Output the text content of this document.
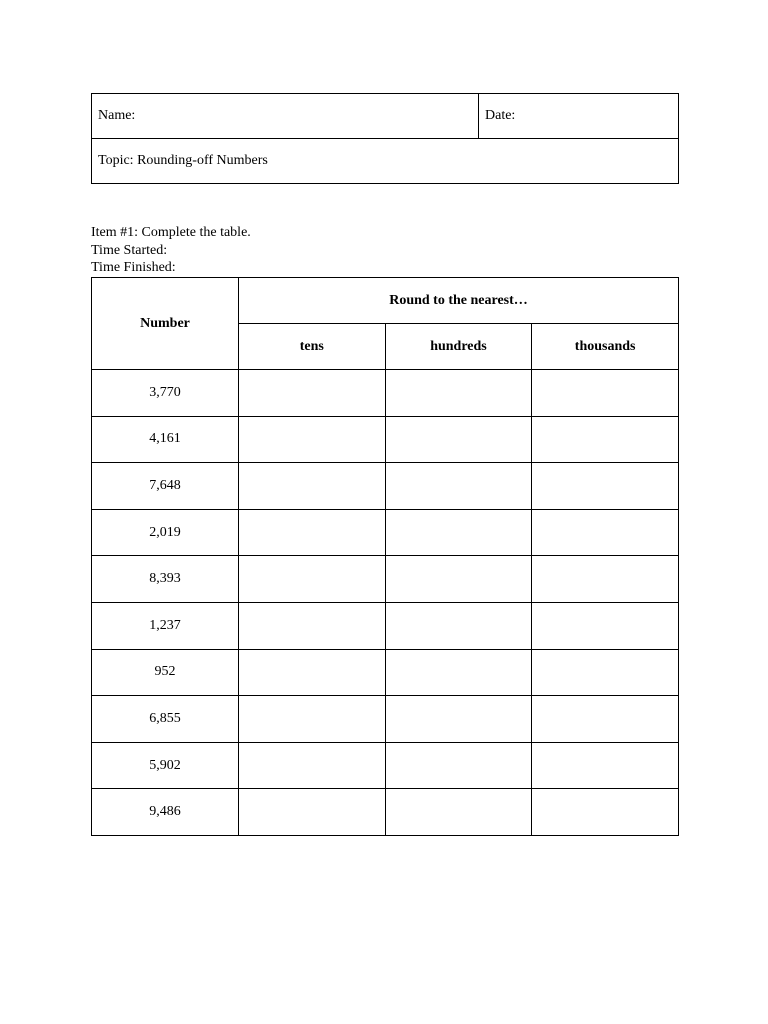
Name:	Date:
Topic: Rounding-off Numbers
Item #1: Complete the table.
Time Started:
Time Finished:
Number	Round to the nearest…		
	tens	hundreds	thousands
3,770			
4,161			
7,648			
2,019			
8,393			
1,237			
952			
6,855			
5,902			
9,486			
